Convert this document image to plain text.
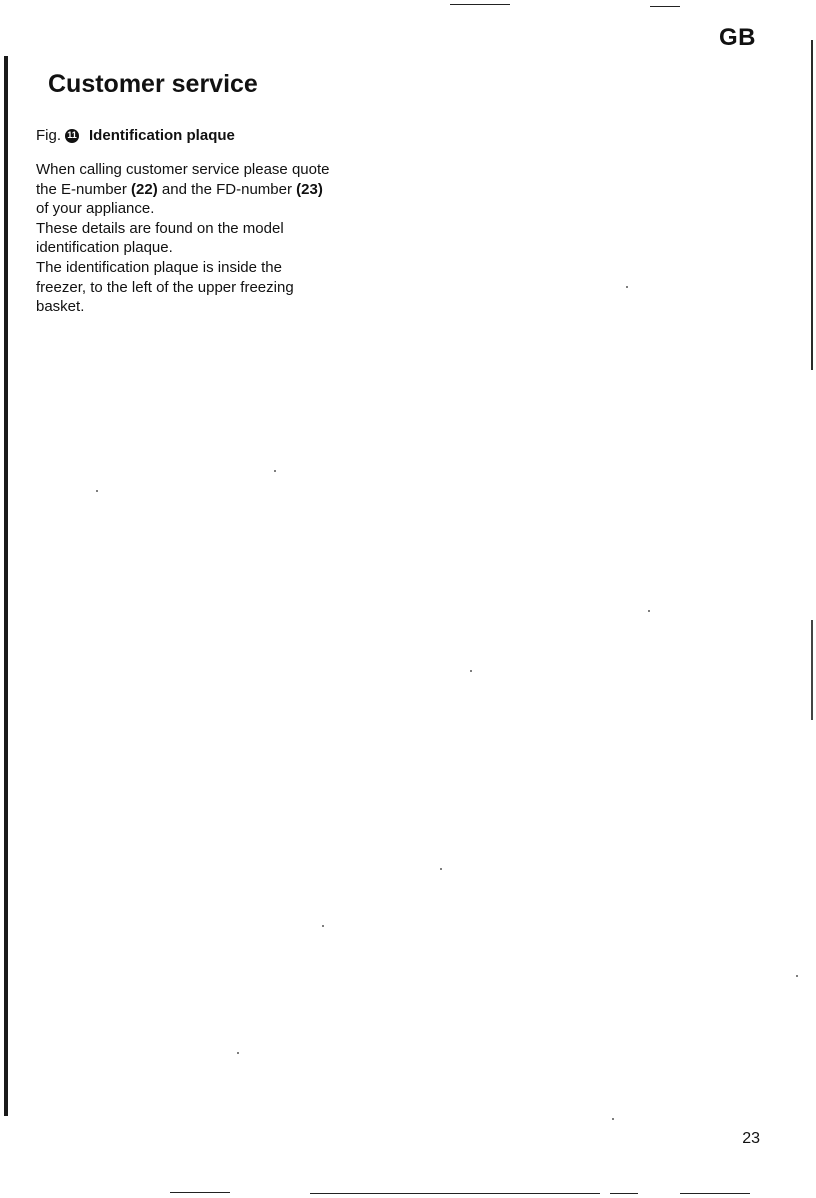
GB
Customer service
Fig. 11 Identification plaque
When calling customer service please quote
the E-number (22) and the FD-number (23)
of your appliance.
These details are found on the model
identification plaque.
The identification plaque is inside the
freezer, to the left of the upper freezing
basket.
23
